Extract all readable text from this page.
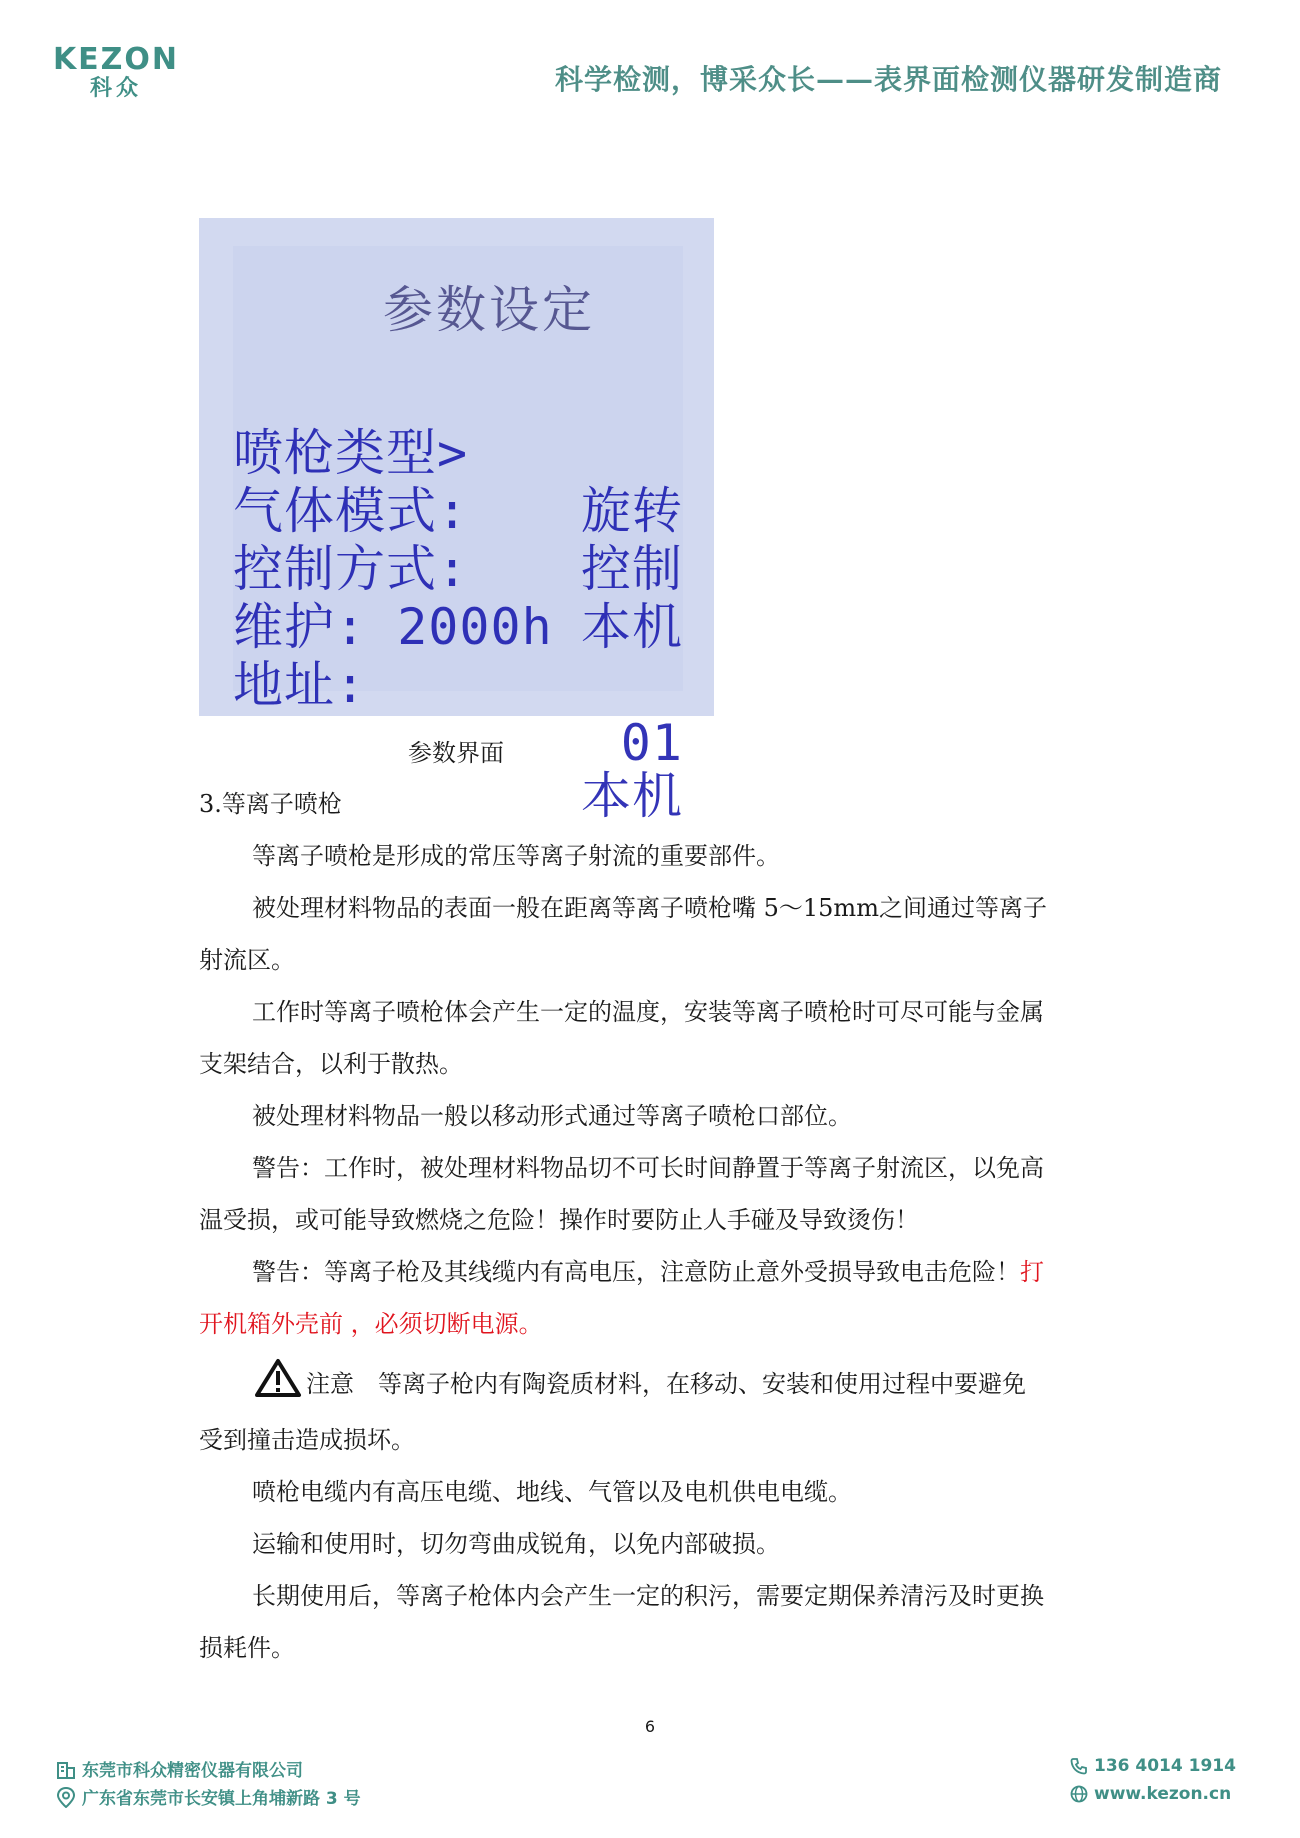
KEZON
科众	科学检测，博采众长——表界面检测仪器研发制造商
参数设定

喷枪类型>

旋转

气体模式:

控制

控制方式:

本机

维护: 2000h

地址:

01

本机

参数界面
3.等离子喷枪
等离子喷枪是形成的常压等离子射流的重要部件。
被处理材料物品的表面一般在距离等离子喷枪嘴 5～15mm之间通过等离子
射流区。
工作时等离子喷枪体会产生一定的温度，安装等离子喷枪时可尽可能与金属
支架结合，以利于散热。
被处理材料物品一般以移动形式通过等离子喷枪口部位。
警告：工作时，被处理材料物品切不可长时间静置于等离子射流区，以免高
温受损，或可能导致燃烧之危险！操作时要防止人手碰及导致烫伤！
警告：等离子枪及其线缆内有高电压，注意防止意外受损导致电击危险！打
开机箱外壳前 ，必须切断电源。
注意　等离子枪内有陶瓷质材料，在移动、安装和使用过程中要避免
受到撞击造成损坏。
喷枪电缆内有高压电缆、地线、气管以及电机供电电缆。
运输和使用时，切勿弯曲成锐角，以免内部破损。
长期使用后，等离子枪体内会产生一定的积污，需要定期保养清污及时更换
损耗件。
6
东莞市科众精密仪器有限公司
广东省东莞市长安镇上角埔新路 3 号
136 4014 1914
www.kezon.cn
